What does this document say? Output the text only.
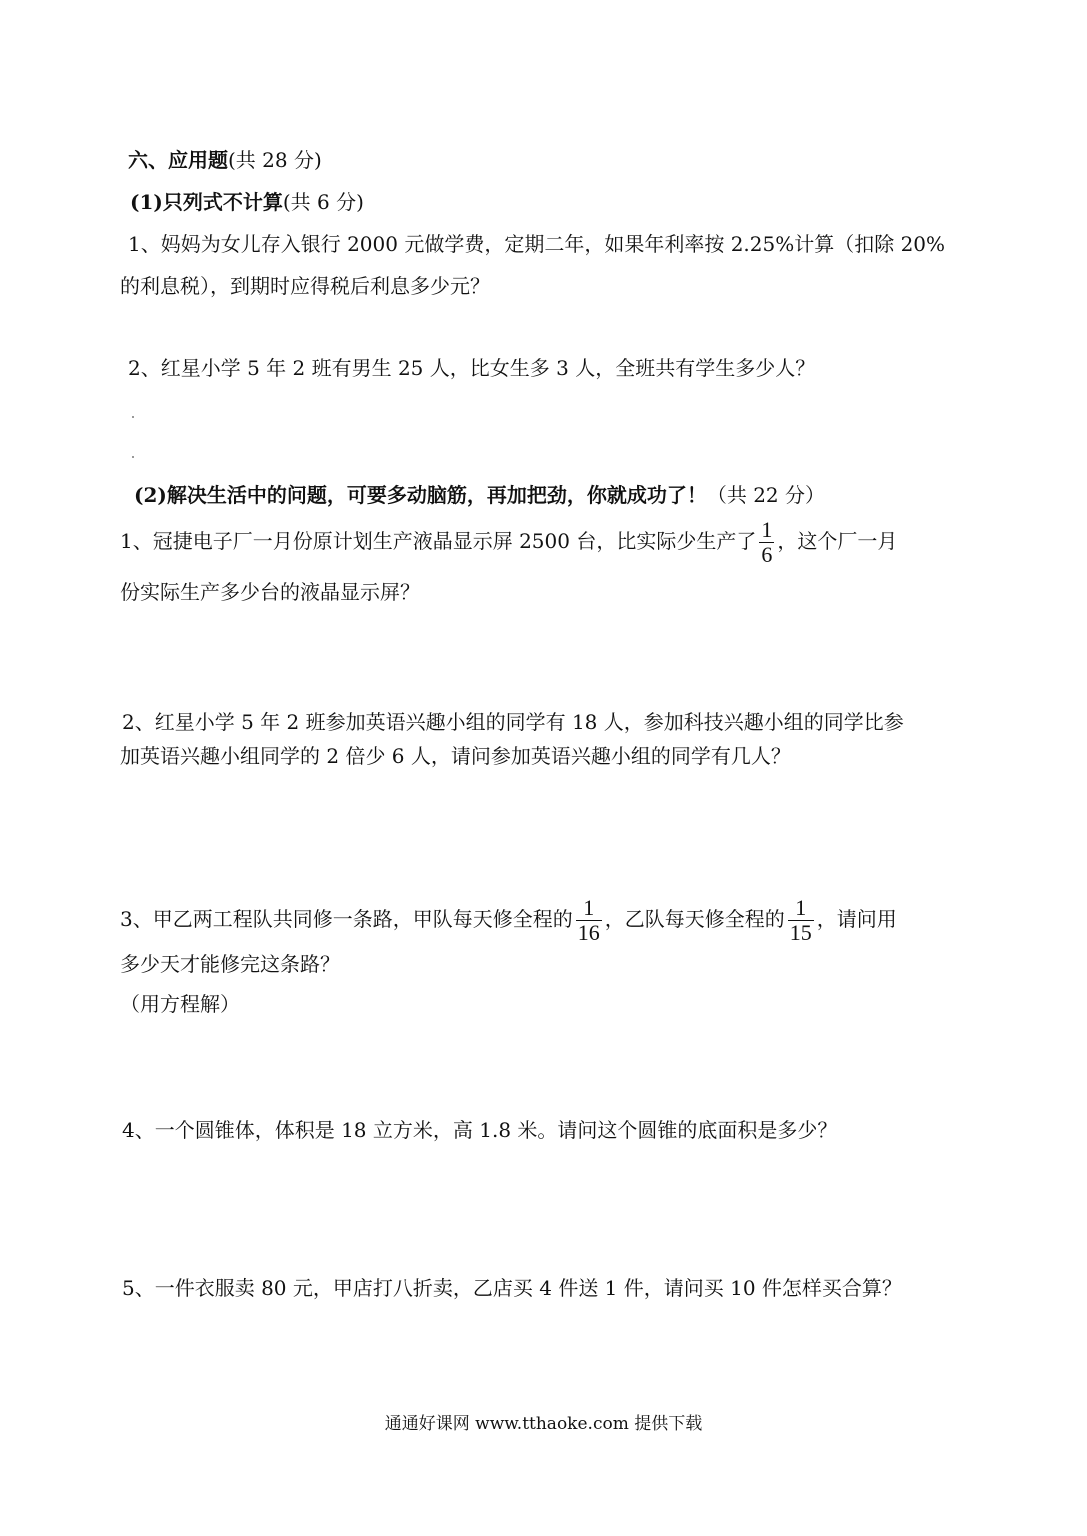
六、应用题(共 28 分)
(1)只列式不计算(共 6 分)
1、妈妈为女儿存入银行 2000 元做学费，定期二年，如果年利率按 2.25%计算（扣除 20%
的利息税），到期时应得税后利息多少元？
2、红星小学 5 年 2 班有男生 25 人，比女生多 3 人，全班共有学生多少人？
(2)解决生活中的问题，可要多动脑筋，再加把劲，你就成功了！（共 22 分）
1、冠捷电子厂一月份原计划生产液晶显示屏 2500 台，比实际少生产了 $\frac{1}{6}$ ，这个厂一月
份实际生产多少台的液晶显示屏？
2、红星小学 5 年 2 班参加英语兴趣小组的同学有 18 人，参加科技兴趣小组的同学比参
加英语兴趣小组同学的 2 倍少 6 人，请问参加英语兴趣小组的同学有几人？
3、甲乙两工程队共同修一条路，甲队每天修全程的 $\frac{1}{16}$ ，乙队每天修全程的 $\frac{1}{15}$ ，请问用
多少天才能修完这条路？
（用方程解）
4、一个圆锥体，体积是 18 立方米，高 1.8 米。请问这个圆锥的底面积是多少？
5、一件衣服卖 80 元，甲店打八折卖，乙店买 4 件送 1 件，请问买 10 件怎样买合算？
通通好课网 www.tthaoke.com 提供下载
